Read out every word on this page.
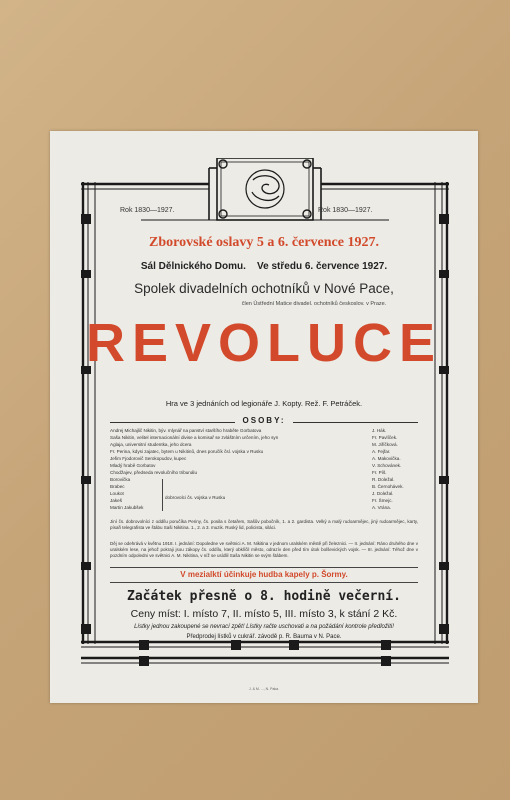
Rok 1830—1927.	Rok 1830—1927.
Zborovské oslavy 5 a 6. července 1927.
Sál Dělnického Domu. Ve středu 6. července 1927.
Spolek divadelních ochotníků v Nové Pace,
člen Ústřední Matice divadel. ochotníků českoslov. v Praze.
REVOLUCE
Hra ve 3 jednáních od legionáře J. Kopty. Rež. F. Petráček.
OSOBY:
Andrej Michajlič Nikitin, býv. mlynář na panství staršího hraběte Gorbatova	J. Hák.
Saša Nikitin, velitel internacionální divise a komisař se zvláštním určením, jeho syn	Fr. Pavlíček.
Aglaja, universitní studentka, jeho dcera	M. Jiříčková.
Fr. Perina, kdysi zajatec, bytem u Nikitinů, dnes poručík čsl. vojska v Rusku	A. Fejfar.
Jefim Fjodorovič Serokopudov, kupec	A. Makovička.
Mladý hrabě Gorbatov	V. Schovánek.
Chodžajev, předseda revolučního tribunálu	Fr. Píš.
Borovička	R. Doležal.
Brabec	B. Černohávek.
Loukot	J. Doležal.
Jakeš	Fr. Šmejc.
Martin Jakubšek	A. Vrána.
dobrovolci čs. vojska v Rusku
Jiní čs. dobrovolníci z oddílu poručíka Periny, čs. posila s četařem, Sašův pobočník, 1. a 2. gardista. Velký a malý rudoarmějec, jiný rudoarmějec, karty, písaři telegrafista ve štábu Saši Nikitina. 1., 2. a 3. muzik. Ruský lid, policista, siláci.
Děj se odehrává v květnu 1918. I. jednání: Dopoledne ve světnici A. M. Nikitina v jednom uralském městě při železnici. — II. jednání: Ráno druhého dne v uralském lese, na jehož pokraji jsou zákopy čs. oddílu, který obklíčil město, odrazív den před tím útok bolševických vojsk. — III. jednání: Téhož dne v pozdním odpoledni ve světnici A. M. Nikitina, v níž se usídlil Saša Nikitin se svým štábem.
V mezialktí účinkuje hudba kapely p. Šormy.
Začátek přesně o 8. hodině večerní.
Ceny míst: I. místo 7, II. místo 5, III. místo 3, k stání 2 Kč.
Lístky jednou zakoupené se nevrací zpět! Lístky račte uschovati a na požádání kontrole předložiti!
Předprodej lístků v cukrář. závodě p. R. Bauma v N. Pace.
J. & M. ..., N. Paka.
